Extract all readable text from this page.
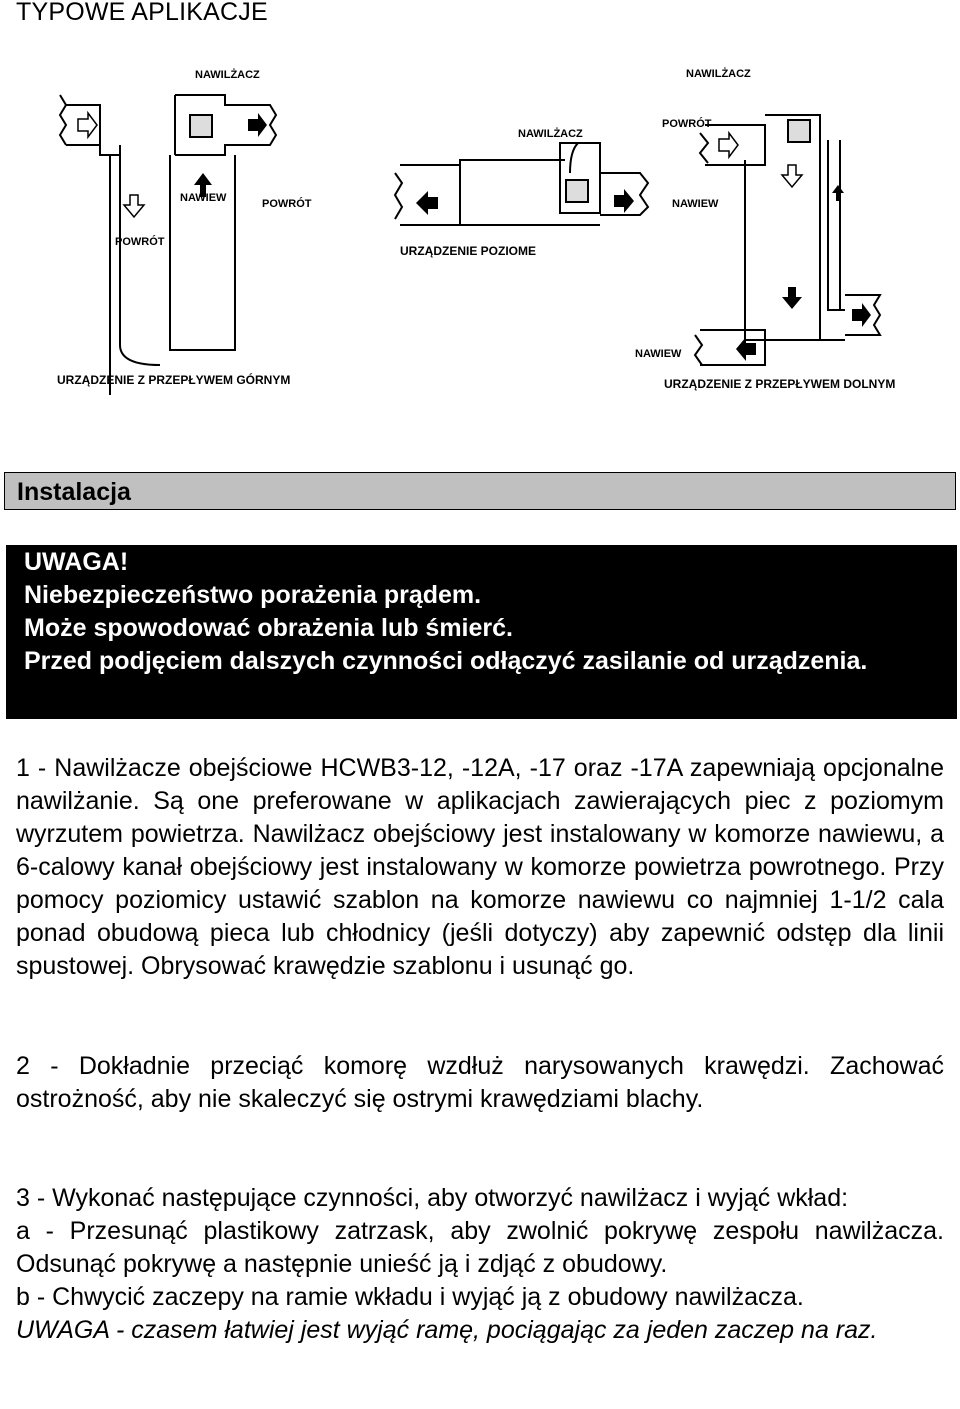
TYPOWE APLIKACJE
NAWILŻACZ
NAWIEW
POWRÓT
URZĄDZENIE Z PRZEPŁYWEM GÓRNYM
NAWILŻACZ
POWRÓT
URZĄDZENIE POZIOME
NAWILŻACZ
POWRÓT
NAWIEW
NAWIEW
URZĄDZENIE Z PRZEPŁYWEM DOLNYM
Instalacja

UWAGA!

Niebezpieczeństwo porażenia prądem.

Może spowodować obrażenia lub śmierć.

Przed podjęciem dalszych czynności odłączyć zasilanie od urządzenia.

1 - Nawilżacze obejściowe HCWB3-12, -12A, -17 oraz -17A zapewniają opcjonalne nawilżanie. Są one preferowane w aplikacjach zawierających piec z poziomym wyrzutem powietrza. Nawilżacz obejściowy jest instalowany w komorze nawiewu, a 6-calowy kanał obejściowy jest instalowany w komorze powietrza powrotnego. Przy pomocy poziomicy ustawić szablon na komorze nawiewu co najmniej 1-1/2 cala ponad obudową pieca lub chłodnicy (jeśli dotyczy) aby zapewnić odstęp dla linii spustowej. Obrysować krawędzie szablonu i usunąć go.

2 - Dokładnie przeciąć komorę wzdłuż narysowanych krawędzi. Zachować ostrożność, aby nie skaleczyć się ostrymi krawędziami blachy.

3 - Wykonać następujące czynności, aby otworzyć nawilżacz i wyjąć wkład:

a - Przesunąć plastikowy zatrzask, aby zwolnić pokrywę zespołu nawilżacza. Odsunąć pokrywę a następnie unieść ją i zdjąć z obudowy.

b - Chwycić zaczepy na ramie wkładu i wyjąć ją z obudowy nawilżacza.

UWAGA - czasem łatwiej jest wyjąć ramę, pociągając za jeden zaczep na raz.
